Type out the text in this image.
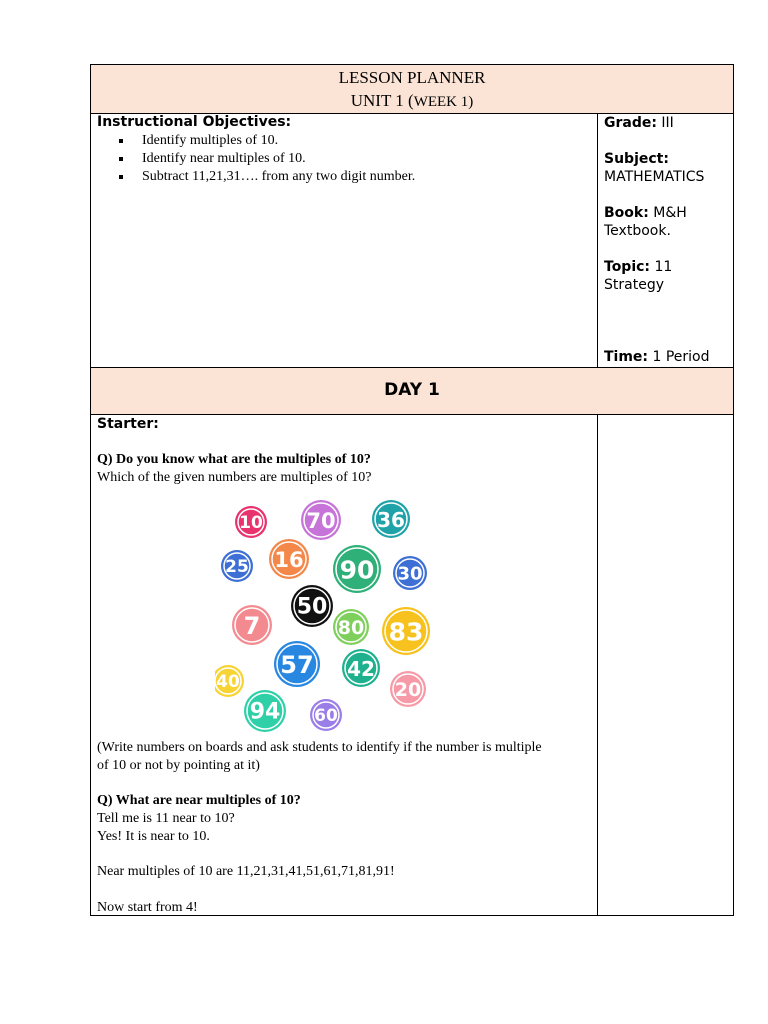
LESSON PLANNER
UNIT 1 (WEEK 1)
Instructional Objectives:
Identify multiples of 10.
Identify near multiples of 10.
Subtract 11,21,31…. from any two digit number.
Grade: III
Subject:
MATHEMATICS
Book: M&H Textbook.
Topic: 11 Strategy
Time: 1 Period
DAY 1
Starter:
Q) Do you know what are the multiples of 10?
Which of the given numbers are multiples of 10?
10 70 36
25 16 90 30
50
7	80 83
57 42
40	20
94 60
(Write numbers on boards and ask students to identify if the number is multiple
of 10 or not by pointing at it)
Q) What are near multiples of 10?
Tell me is 11 near to 10?
Yes! It is near to 10.
Near multiples of 10 are 11,21,31,41,51,61,71,81,91!
Now start from 4!
